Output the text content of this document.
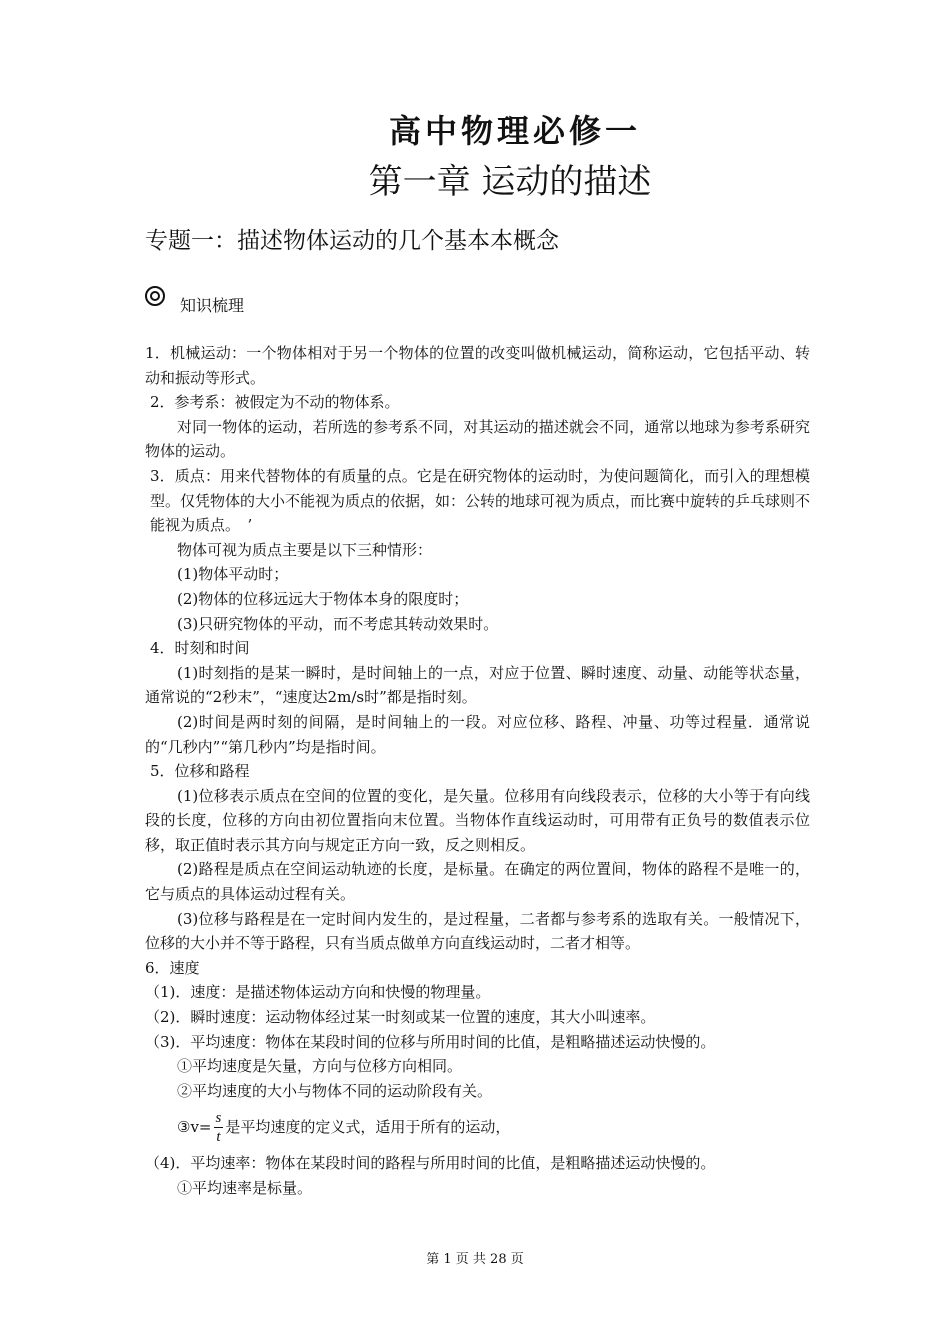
高中物理必修一
第一章 运动的描述
专题一：描述物体运动的几个基本本概念
知识梳理

1．机械运动：一个物体相对于另一个物体的位置的改变叫做机械运动，简称运动，它包括平动、转动和振动等形式。

2．参考系：被假定为不动的物体系。

对同一物体的运动，若所选的参考系不同，对其运动的描述就会不同，通常以地球为参考系研究物体的运动。

3．质点：用来代替物体的有质量的点。它是在研究物体的运动时，为使问题简化，而引入的理想模型。仅凭物体的大小不能视为质点的依据，如：公转的地球可视为质点，而比赛中旋转的乒乓球则不能视为质点。　’

物体可视为质点主要是以下三种情形：

(1)物体平动时；

(2)物体的位移远远大于物体本身的限度时；

(3)只研究物体的平动，而不考虑其转动效果时。

4．时刻和时间

(1)时刻指的是某一瞬时，是时间轴上的一点，对应于位置、瞬时速度、动量、动能等状态量，通常说的“2秒末”，“速度达2m/s时”都是指时刻。

(2)时间是两时刻的间隔，是时间轴上的一段。对应位移、路程、冲量、功等过程量．通常说的“几秒内”“第几秒内”均是指时间。

5．位移和路程

(1)位移表示质点在空间的位置的变化，是矢量。位移用有向线段表示，位移的大小等于有向线段的长度，位移的方向由初位置指向末位置。当物体作直线运动时，可用带有正负号的数值表示位移，取正值时表示其方向与规定正方向一致，反之则相反。

(2)路程是质点在空间运动轨迹的长度，是标量。在确定的两位置间，物体的路程不是唯一的，它与质点的具体运动过程有关。

(3)位移与路程是在一定时间内发生的，是过程量，二者都与参考系的选取有关。一般情况下，位移的大小并不等于路程，只有当质点做单方向直线运动时，二者才相等。

6．速度

（1)．速度：是描述物体运动方向和快慢的物理量。

（2)．瞬时速度：运动物体经过某一时刻或某一位置的速度，其大小叫速率。

（3)．平均速度：物体在某段时间的位移与所用时间的比值，是粗略描述运动快慢的。

①平均速度是矢量，方向与位移方向相同。

②平均速度的大小与物体不同的运动阶段有关。

③v= $\frac{s}{t}$ 是平均速度的定义式，适用于所有的运动，

（4)．平均速率：物体在某段时间的路程与所用时间的比值，是粗略描述运动快慢的。

①平均速率是标量。

第 1 页 共 28 页
